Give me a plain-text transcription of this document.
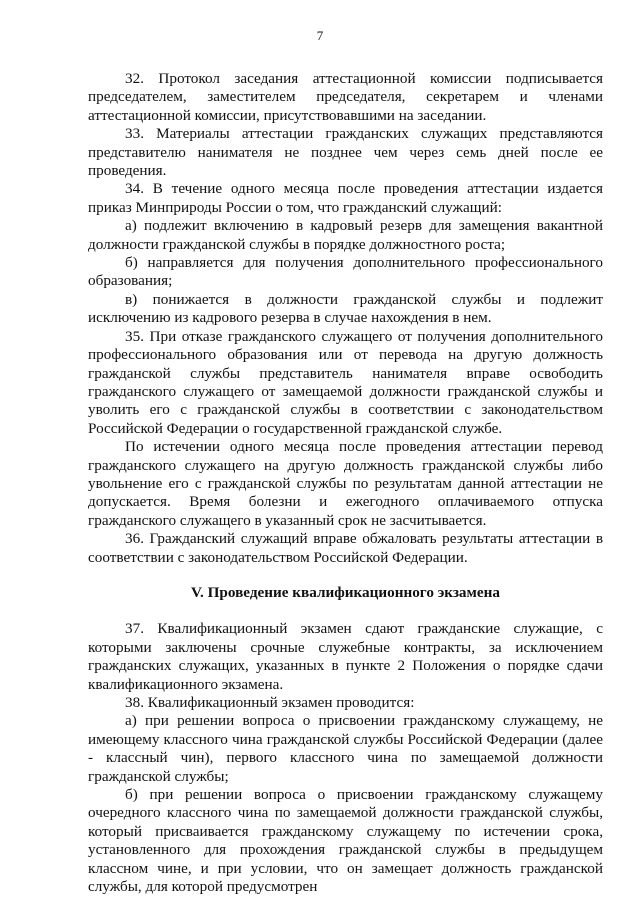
7

32. Протокол заседания аттестационной комиссии подписывается председателем, заместителем председателя, секретарем и членами аттестационной комиссии, присутствовавшими на заседании.

33. Материалы аттестации гражданских служащих представляются представителю нанимателя не позднее чем через семь дней после ее проведения.

34. В течение одного месяца после проведения аттестации издается приказ Минприроды России о том, что гражданский служащий:

а) подлежит включению в кадровый резерв для замещения вакантной должности гражданской службы в порядке должностного роста;

б) направляется для получения дополнительного профессионального образования;

в) понижается в должности гражданской службы и подлежит исключению из кадрового резерва в случае нахождения в нем.

35. При отказе гражданского служащего от получения дополнительного профессионального образования или от перевода на другую должность гражданской службы представитель нанимателя вправе освободить гражданского служащего от замещаемой должности гражданской службы и уволить его с гражданской службы в соответствии с законодательством Российской Федерации о государственной гражданской службе.

По истечении одного месяца после проведения аттестации перевод гражданского служащего на другую должность гражданской службы либо увольнение его с гражданской службы по результатам данной аттестации не допускается. Время болезни и ежегодного оплачиваемого отпуска гражданского служащего в указанный срок не засчитывается.

36. Гражданский служащий вправе обжаловать результаты аттестации в соответствии с законодательством Российской Федерации.

V. Проведение квалификационного экзамена

37. Квалификационный экзамен сдают гражданские служащие, с которыми заключены срочные служебные контракты, за исключением гражданских служащих, указанных в пункте 2 Положения о порядке сдачи квалификационного экзамена.

38. Квалификационный экзамен проводится:

а) при решении вопроса о присвоении гражданскому служащему, не имеющему классного чина гражданской службы Российской Федерации (далее - классный чин), первого классного чина по замещаемой должности гражданской службы;

б) при решении вопроса о присвоении гражданскому служащему очередного классного чина по замещаемой должности гражданской службы, который присваивается гражданскому служащему по истечении срока, установленного для прохождения гражданской службы в предыдущем классном чине, и при условии, что он замещает должность гражданской службы, для которой предусмотрен
